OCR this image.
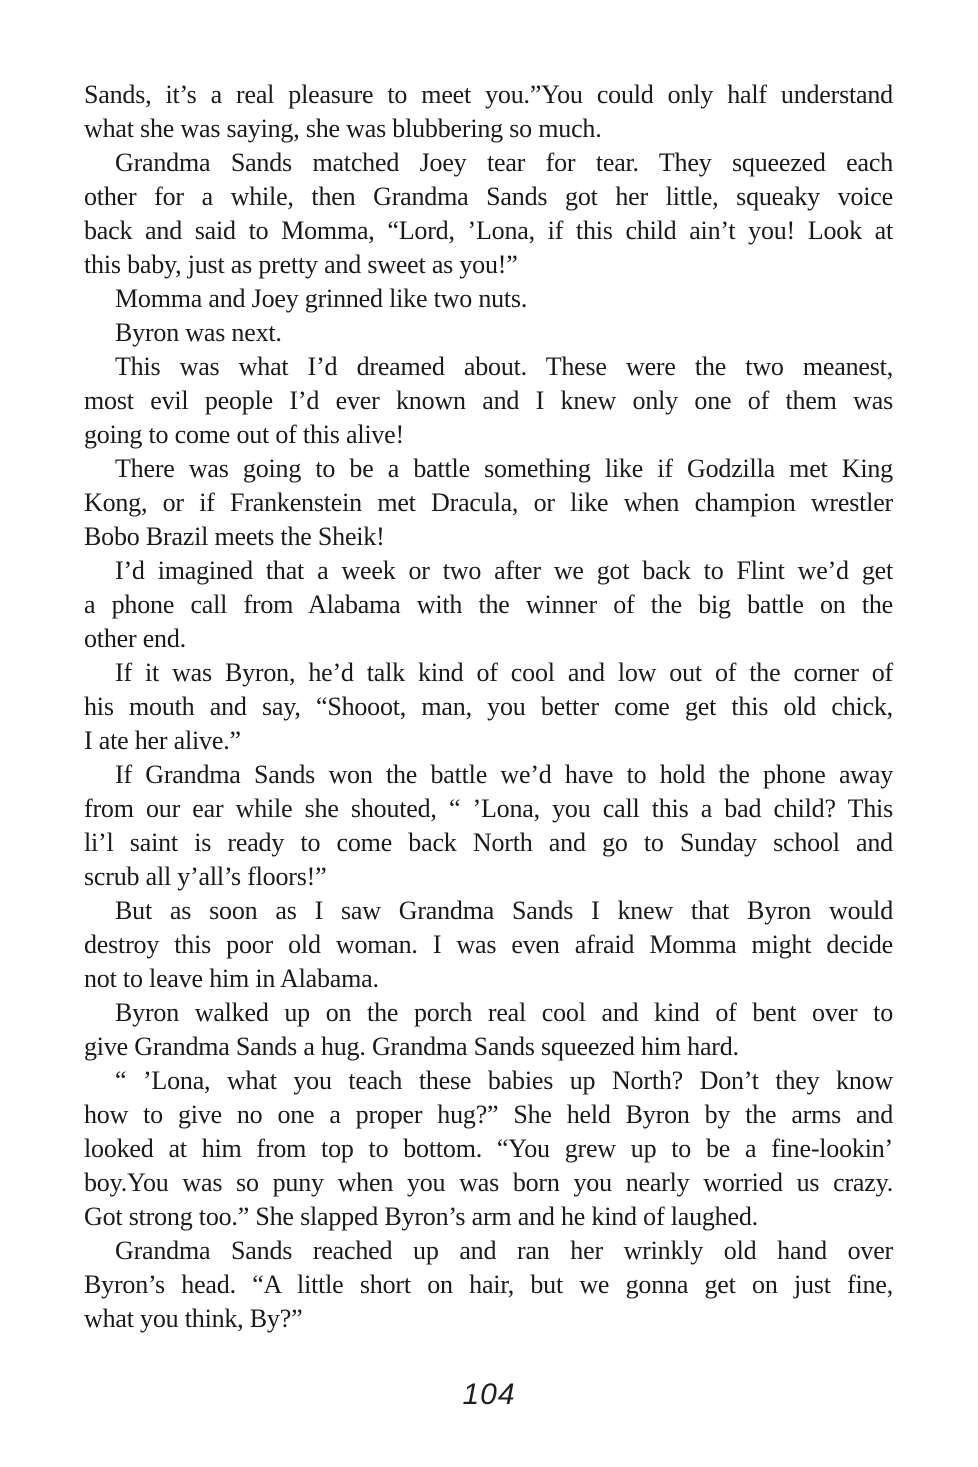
Sands, it’s a real pleasure to meet you.”You could only half understand
what she was saying, she was blubbering so much.

Grandma Sands matched Joey tear for tear. They squeezed each
other for a while, then Grandma Sands got her little, squeaky voice
back and said to Momma, “Lord, ’Lona, if this child ain’t you! Look at
this baby, just as pretty and sweet as you!”

Momma and Joey grinned like two nuts.

Byron was next.

This was what I’d dreamed about. These were the two meanest,
most evil people I’d ever known and I knew only one of them was
going to come out of this alive!

There was going to be a battle something like if Godzilla met King
Kong, or if Frankenstein met Dracula, or like when champion wrestler
Bobo Brazil meets the Sheik!

I’d imagined that a week or two after we got back to Flint we’d get
a phone call from Alabama with the winner of the big battle on the
other end.

If it was Byron, he’d talk kind of cool and low out of the corner of
his mouth and say, “Shooot, man, you better come get this old chick,
I ate her alive.”

If Grandma Sands won the battle we’d have to hold the phone away
from our ear while she shouted, “ ’Lona, you call this a bad child? This
li’l saint is ready to come back North and go to Sunday school and
scrub all y’all’s floors!”

But as soon as I saw Grandma Sands I knew that Byron would
destroy this poor old woman. I was even afraid Momma might decide
not to leave him in Alabama.

Byron walked up on the porch real cool and kind of bent over to
give Grandma Sands a hug. Grandma Sands squeezed him hard.

“ ’Lona, what you teach these babies up North? Don’t they know
how to give no one a proper hug?” She held Byron by the arms and
looked at him from top to bottom. “You grew up to be a fine-lookin’
boy.You was so puny when you was born you nearly worried us crazy.
Got strong too.” She slapped Byron’s arm and he kind of laughed.

Grandma Sands reached up and ran her wrinkly old hand over
Byron’s head. “A little short on hair, but we gonna get on just fine,
what you think, By?”

104
